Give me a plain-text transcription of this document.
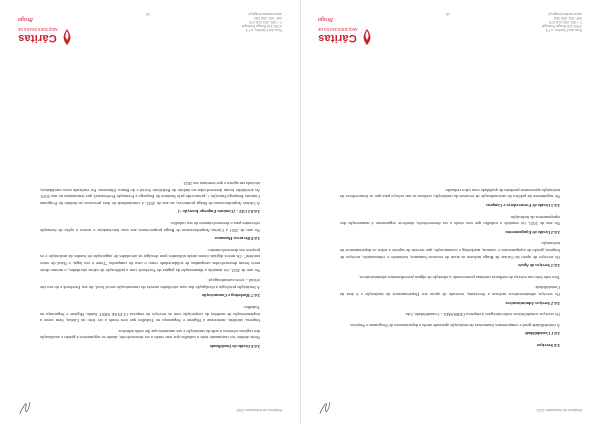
Relatório de Atividades 2021
3.6 Serviços
3.6.1 Contabilidade

A contabilidade geral e componentes financeiras da instituição apoiando ainda o departamento de Programas e Projetos.

Os serviços contabilísticos estão entregues à empresa CEBRAMA – Contabilidade, Lda.

3.6.2 Serviços Administrativos

Os serviços administrativos incluem a Secretaria, servindo de apoio aos Departamentos da instituição e à área da Contabilidade.

Tem sido feito um esforço de melhoria contínua promovendo a alteração de alguns procedimentos administrativos.

3.6.3 Serviços de Apoio

Os serviços de apoio da Cáritas de Braga incluem as áreas de recursos humanos, incluindo o voluntariado, serviços de limpeza, gestão de equipamentos e viaturas, marketing e comunicação, que servem de suporte a todos os departamentos da instituição.

3.6.4 Gestão de Equipamentos

No ano de 2021, foi mantido o trabalho que tem vindo a ser desenvolvido, dando-se seguimento à manutenção dos equipamentos da instituição.

3.6.5 Gestão de Fornecedores e Compras

No seguimento da política de racionalização de recursos da instituição, realizou-se um esforço para que os fornecedores da instituição apresentem produtos de qualidade com valor reduzido.

18
Cáritas
ARQUIDIOCESANA DE
Braga
Rua dos Falcões, n.º 3
4700-310 Braga Portugal
T. +351 253 218 275
NIF: 501 458 384
www.caritas-braga.pt
Relatório de Atividades 2021
3.6.6 Gestão do Imobilizado

Neste âmbito foi continuado todo o trabalho que tem vindo a ser desenvolvido, dando-se seguimento à gestão e atualização dos registos relativos à sede da instituição e aos armazéns que lhe estão adstritos.

Importa, também, mencionar a Higiene e Segurança no Trabalho que tem vindo a ser feito na Cáritas, bem como a implementação de medidas de cooperação com os serviços da empresa CLINAE SHST Saúde, Higiene e Segurança no Trabalho.

3.6.7 Marketing e Comunicação

A Instituição privilegia a divulgação das suas atividades através da comunicação social local, do seu Facebook e do seu site oficial – www.caritasbraga.pt.

No ano de 2021, foi mantida a dinamização da página do Facebook com a publicação de várias atividades, o mesmo deste meio foram desenvolvidas campanhas de solidariedade como o caso da campanha "Tome o seu lugar, o Natal do outro também". Os meios digitais foram ainda utilizados para divulgar as atividades de angariação de fundos da instituição e os projetos em desenvolvimento.

3.6.8 Recursos Humanos

No ano de 2021 a Cáritas Arquidiocesana de Braga proporcionou aos seus funcionários o acesso a ações de formação relevantes para o desenvolvimento do seu trabalho.

3.6.8.1 CEI – (Contrato Emprego Inserção +)

A Cáritas Arquidiocesana de Braga promoveu, no ano de 2021, a continuidade de dois processos no âmbito do Programa Contrato Emprego-Inserção +, promovido pelo Instituto de Emprego e Formação Profissional, que terminaram no ano 2019. As atividades foram desenvolvidas no âmbito do Refeitório Social e do Banco Alimentar. Foi realizada nova candidatura, iniciada em agosto e que terminou em 2021.

19
Cáritas
ARQUIDIOCESANA DE
Braga
Rua dos Falcões, n.º 3
4700-310 Braga Portugal
T. +351 253 218 275
NIF: 501 458 384
www.caritas-braga.pt
